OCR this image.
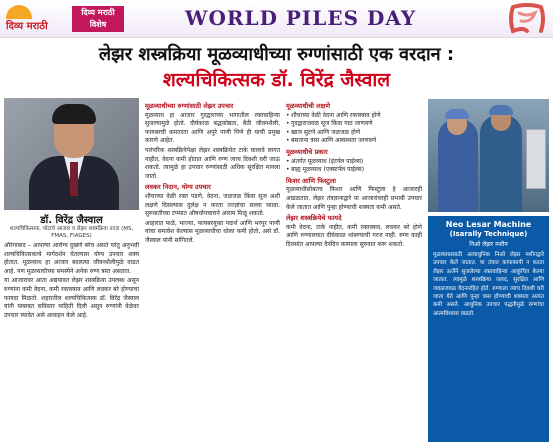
दिव्य मराठी
दिव्य मराठी
विशेष	WORLD PILES DAY
लेझर शस्त्रक्रिया मूळव्याधीच्या रुग्णांसाठी एक वरदान :
शल्यचिकित्सक डॉ. विरेंद्र जैस्वाल
डॉ. विरेंद्र जैस्वाल
शल्यचिकित्सक, पोटाचे आजार व लेझर शस्त्रक्रिया तज्ज्ञ (MS, FMAS, FIAGES)

औरंगाबाद – आपल्या आरोग्य दुखणे बरेच असते परंतु अनुभवी शल्यचिकित्सकाचे मार्गदर्शन घेतल्यास योग्य उपचार शक्य होतात. मूळव्याध हा आजार बदलत्या जीवनशैलीमुळे वाढत आहे. पण मूळव्याधीच्या समस्येने अनेक रुग्ण त्रस्त असतात.

या आजारावर आता अद्ययावत लेझर शस्त्रक्रिया उपलब्ध असून रुग्णांना कमी वेदना, कमी रक्तस्त्राव आणि लवकर बरे होण्याचा फायदा मिळतो. शहरातील शल्यचिकित्सक डॉ. विरेंद्र जैस्वाल यांनी याबाबत सविस्तर माहिती दिली असून रुग्णांनी वेळेवर उपचार घ्यावेत असे आवाहन केले आहे.

मूळव्याधीच्या रुग्णांसाठी लेझर उपचार

मूळव्याध हा आजार गुदद्वाराच्या भागातील रक्तवाहिन्या सुजल्यामुळे होतो. दीर्घकाळ बद्धकोष्ठता, बैठी जीवनशैली, फायबरची कमतरता आणि अपुरे पाणी पिणे ही याची प्रमुख कारणे आहेत.

पारंपरिक शस्त्रक्रियेपेक्षा लेझर शस्त्रक्रियेत टाके घालावे लागत नाहीत, वेदना कमी होतात आणि रुग्ण त्याच दिवशी घरी जाऊ शकतो. त्यामुळे हा उपचार रुग्णांसाठी अधिक सुरक्षित मानला जातो.

लवकर निदान, योग्य उपचार

शौचाच्या वेळी रक्त पडणे, वेदना, जळजळ किंवा सूज अशी लक्षणे दिसल्यास दुर्लक्ष न करता तज्ज्ञांचा सल्ला घ्यावा. सुरुवातीच्या टप्प्यात औषधोपचाराने आराम मिळू शकतो.

आहारात फळे, भाज्या, फायबरयुक्त पदार्थ आणि भरपूर पाणी यांचा समावेश केल्यास मूळव्याधीचा धोका कमी होतो, असे डॉ. जैस्वाल यांनी सांगितले.

मूळव्याधीची लक्षणे
• शौचाच्या वेळी वेदना आणि रक्तस्त्राव होणे
• गुदद्वाराजवळ सूज किंवा गाठ जाणवणे
• खाज सुटणे आणि जळजळ होणे
• बसताना त्रास आणि अस्वस्थता जाणवणे
मूळव्याधीचे प्रकार
• अंतर्गत मूळव्याध (इंटर्नल पाईल्स)
• बाह्य मूळव्याध (एक्स्टर्नल पाईल्स)
फिशर आणि फिस्टुला

मूळव्याधीसोबतच फिशर आणि फिस्टुला हे आजारही आढळतात. लेझर तंत्रज्ञानाद्वारे या आजारांवरही प्रभावी उपचार केले जातात आणि पुन्हा होण्याची शक्यता कमी असते.

लेझर शस्त्रक्रियेचे फायदे

कमी वेदना, टाके नाहीत, कमी रक्तस्त्राव, लवकर बरे होणे आणि रुग्णालयात दीर्घकाळ थांबण्याची गरज नाही. रुग्ण काही दिवसांत आपल्या दैनंदिन कामाला सुरुवात करू शकतो.

Neo Lesar Machine
(Isarally Technique)
निओ लेझर मशीन
मूळव्याधासाठी अत्याधुनिक निओ लेझर मशीनद्वारे उपचार केले जातात. या तंत्रात कापाकापी न करता लेझर ऊर्जेने सुजलेल्या रक्तवाहिन्या आकुंचित केल्या जातात. त्यामुळे शस्त्रक्रिया जलद, सुरक्षित आणि जवळजवळ वेदनारहित होते. रुग्णाला त्याच दिवशी घरी जाता येते आणि पुन्हा त्रास होण्याची शक्यता अत्यंत कमी असते. आधुनिक उपचार पद्धतीमुळे रुग्णांचा आत्मविश्वास वाढतो.
